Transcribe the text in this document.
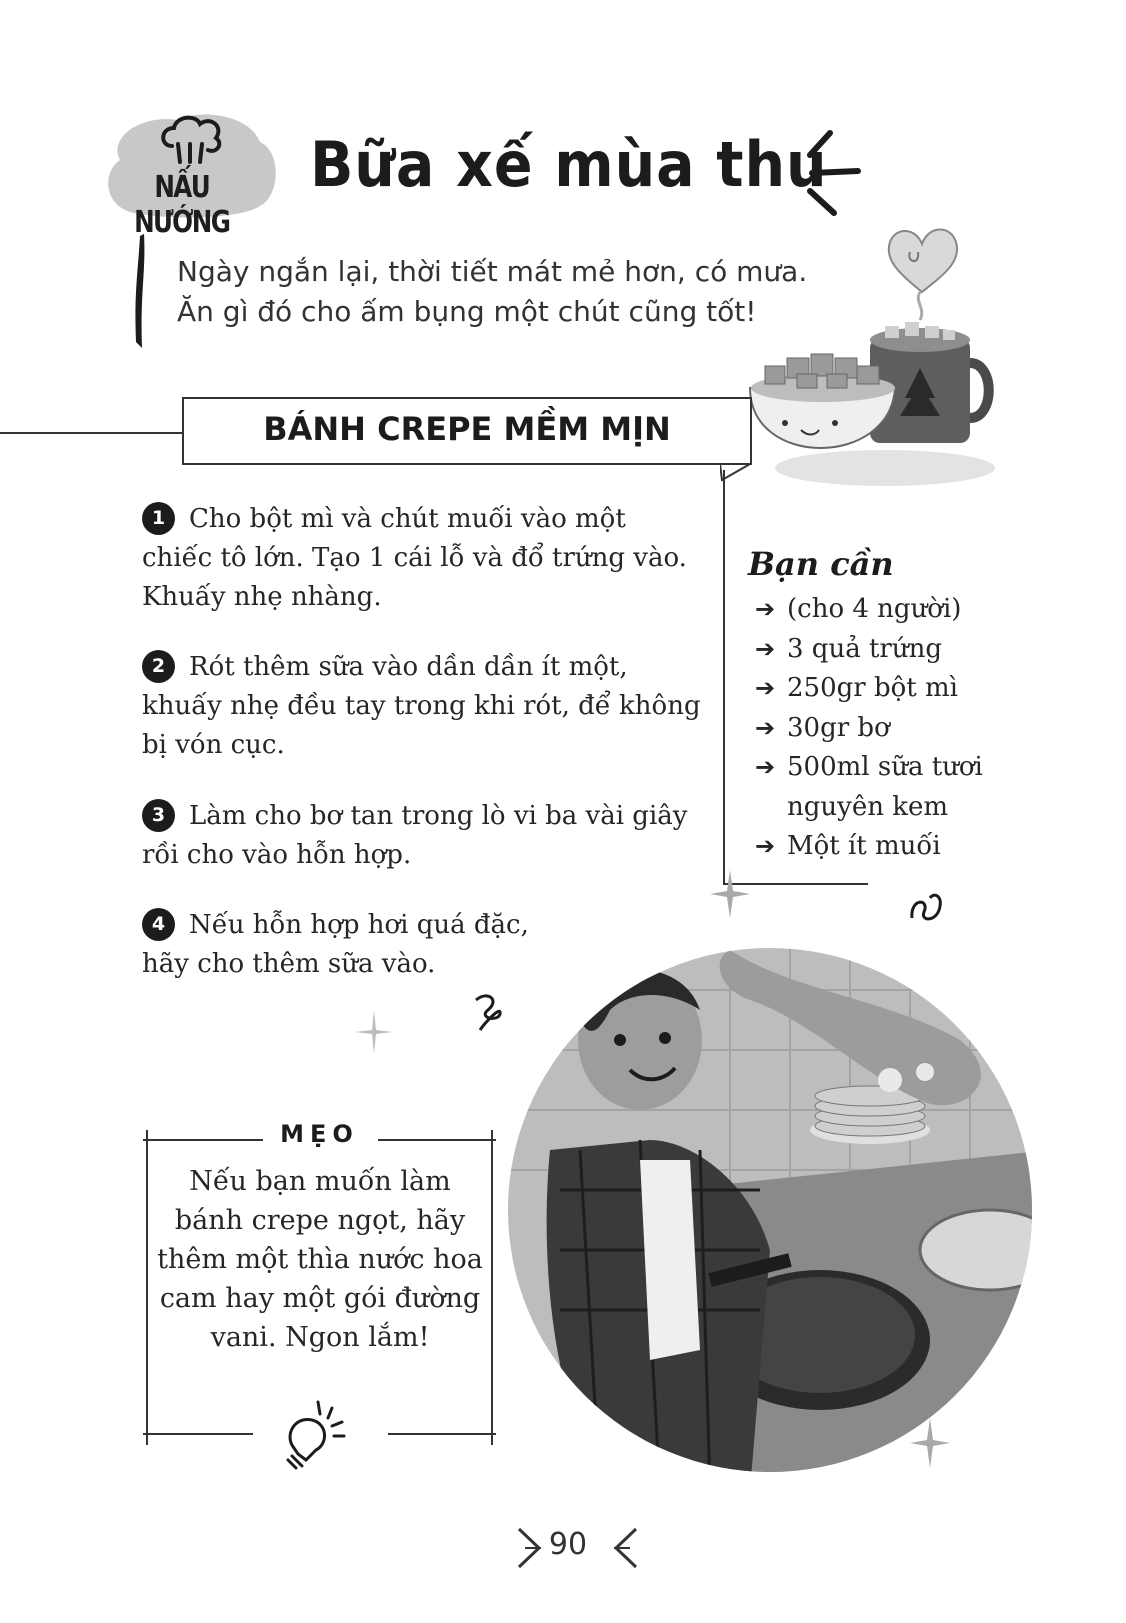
NẤU NƯỚNG
Bữa xế mùa thu
Ngày ngắn lại, thời tiết mát mẻ hơn, có mưa.
Ăn gì đó cho ấm bụng một chút cũng tốt!
BÁNH CREPE MỀM MỊN
1 Cho bột mì và chút muối vào một chiếc tô lớn. Tạo 1 cái lỗ và đổ trứng vào. Khuấy nhẹ nhàng.
2 Rót thêm sữa vào dần dần ít một, khuấy nhẹ đều tay trong khi rót, để không bị vón cục.
3 Làm cho bơ tan trong lò vi ba vài giây rồi cho vào hỗn hợp.
4 Nếu hỗn hợp hơi quá đặc, hãy cho thêm sữa vào.
Bạn cần
➔ (cho 4 người)
➔ 3 quả trứng
➔ 250gr bột mì
➔ 30gr bơ
➔ 500ml sữa tươi nguyên kem
➔ Một ít muối
MẸO
Nếu bạn muốn làm bánh crepe ngọt, hãy thêm một thìa nước hoa cam hay một gói đường vani. Ngon lắm!
90
